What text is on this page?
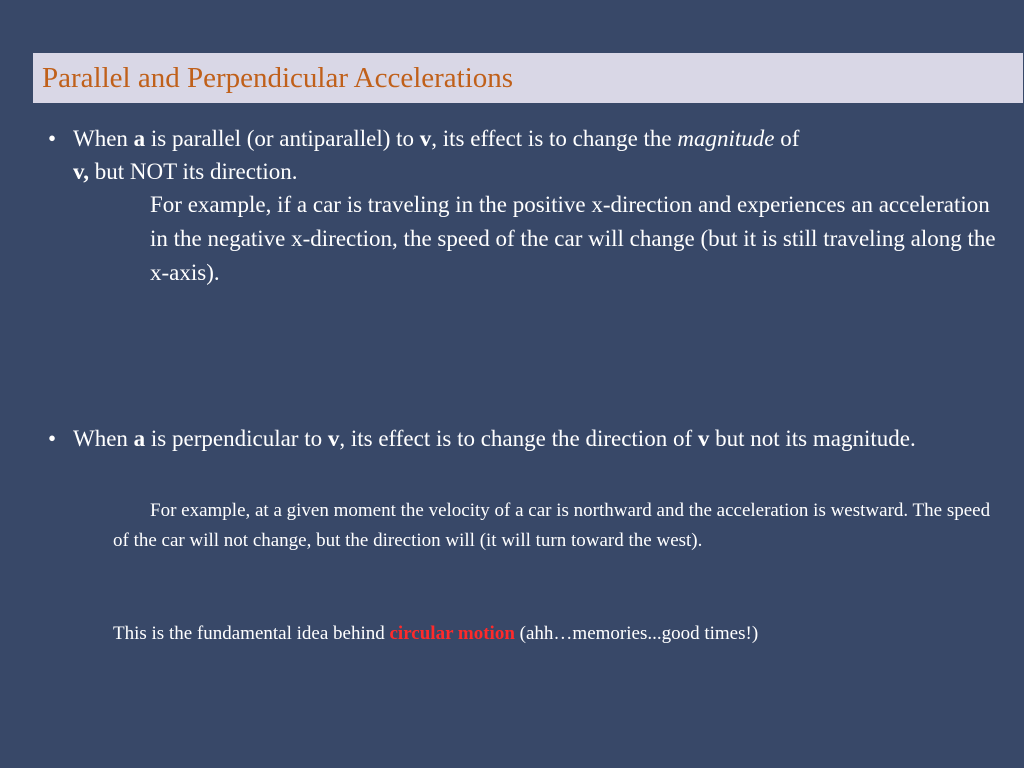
Parallel and Perpendicular Accelerations
• When a is parallel (or antiparallel) to v, its effect is to change the magnitude of
v, but NOT its direction.
For example, if a car is traveling in the positive x-direction and experiences an acceleration in the negative x-direction, the speed of the car will change (but it is still traveling along the x-axis).
• When a is perpendicular to v, its effect is to change the direction of v but not its magnitude.
For example, at a given moment the velocity of a car is northward and the acceleration is westward. The speed of the car will not change, but the direction will (it will turn toward the west).
This is the fundamental idea behind circular motion (ahh…memories...good times!)
